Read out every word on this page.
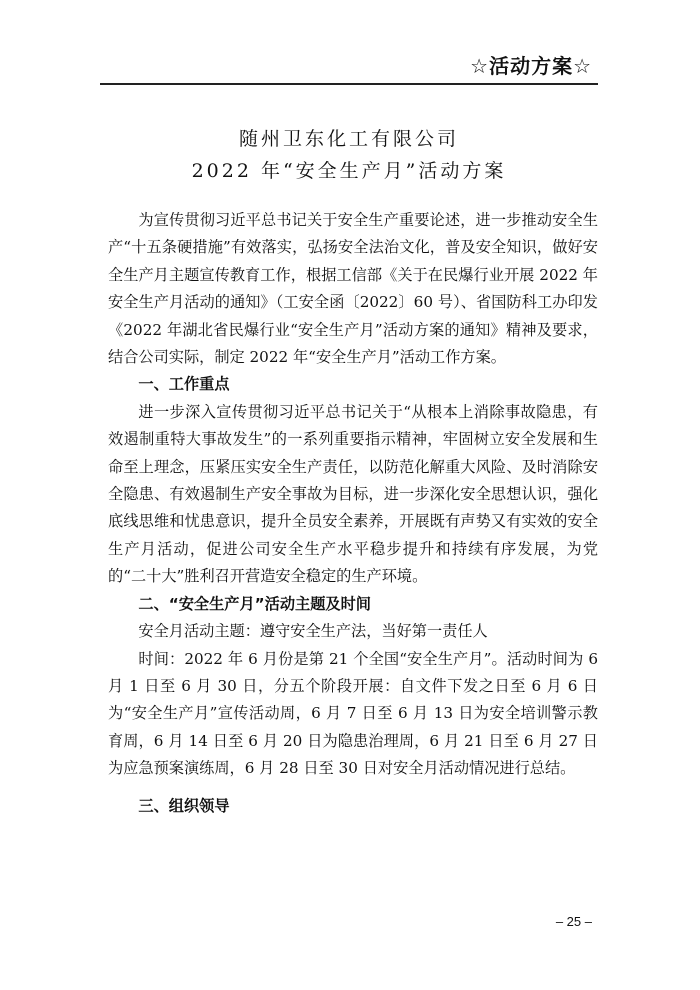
☆活动方案☆
随州卫东化工有限公司
2022 年“安全生产月”活动方案

为宣传贯彻习近平总书记关于安全生产重要论述，进一步推动安全生产“十五条硬措施”有效落实，弘扬安全法治文化，普及安全知识，做好安全生产月主题宣传教育工作，根据工信部《关于在民爆行业开展 2022 年安全生产月活动的通知》（工安全函〔2022〕60 号）、省国防科工办印发《2022 年湖北省民爆行业“安全生产月”活动方案的通知》精神及要求，结合公司实际，制定 2022 年“安全生产月”活动工作方案。

一、工作重点

进一步深入宣传贯彻习近平总书记关于“从根本上消除事故隐患，有效遏制重特大事故发生”的一系列重要指示精神，牢固树立安全发展和生命至上理念，压紧压实安全生产责任，以防范化解重大风险、及时消除安全隐患、有效遏制生产安全事故为目标，进一步深化安全思想认识，强化底线思维和忧患意识，提升全员安全素养，开展既有声势又有实效的安全生产月活动，促进公司安全生产水平稳步提升和持续有序发展，为党的“二十大”胜利召开营造安全稳定的生产环境。

二、“安全生产月”活动主题及时间

安全月活动主题：遵守安全生产法，当好第一责任人

时间：2022 年 6 月份是第 21 个全国“安全生产月”。活动时间为 6 月 1 日至 6 月 30 日，分五个阶段开展：自文件下发之日至 6 月 6 日为“安全生产月”宣传活动周，6 月 7 日至 6 月 13 日为安全培训警示教育周，6 月 14 日至 6 月 20 日为隐患治理周，6 月 21 日至 6 月 27 日为应急预案演练周，6 月 28 日至 30 日对安全月活动情况进行总结。

三、组织领导
– 25 –
